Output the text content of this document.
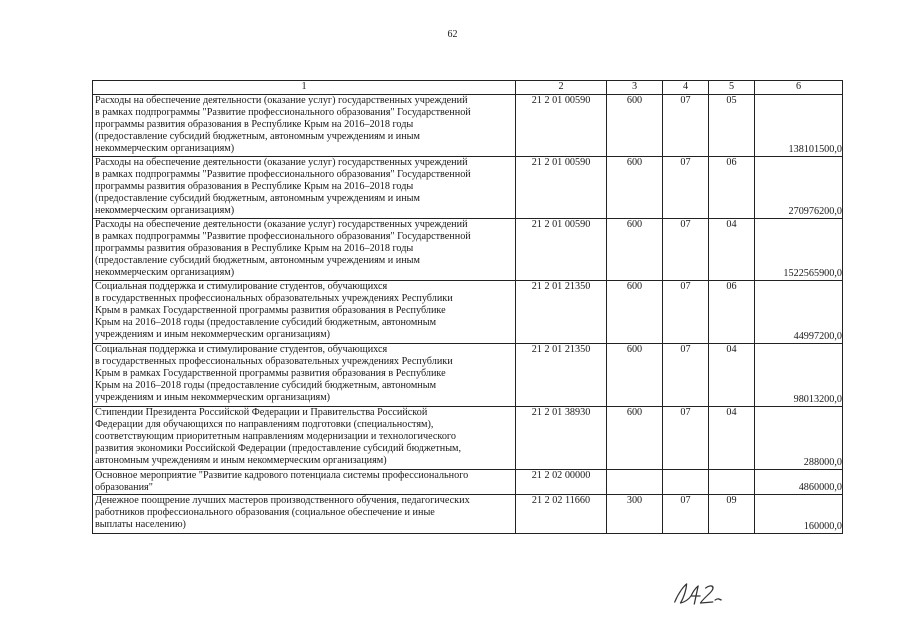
62
1	2	3	4	5	6
Расходы на обеспечение деятельности (оказание услуг) государственных учреждений
в рамках подпрограммы "Развитие профессионального образования" Государственной
программы развития образования в Республике Крым на 2016–2018 годы
(предоставление субсидий бюджетным, автономным учреждениям и иным
некоммерческим организациям)	21 2 01 00590	600	07	05	138101500,0
Расходы на обеспечение деятельности (оказание услуг) государственных учреждений
в рамках подпрограммы "Развитие профессионального образования" Государственной
программы развития образования в Республике Крым на 2016–2018 годы
(предоставление субсидий бюджетным, автономным учреждениям и иным
некоммерческим организациям)	21 2 01 00590	600	07	06	270976200,0
Расходы на обеспечение деятельности (оказание услуг) государственных учреждений
в рамках подпрограммы "Развитие профессионального образования" Государственной
программы развития образования в Республике Крым на 2016–2018 годы
(предоставление субсидий бюджетным, автономным учреждениям и иным
некоммерческим организациям)	21 2 01 00590	600	07	04	1522565900,0
Социальная поддержка и стимулирование студентов, обучающихся
в государственных профессиональных образовательных учреждениях Республики
Крым в рамках Государственной программы развития образования в Республике
Крым на 2016–2018 годы (предоставление субсидий бюджетным, автономным
учреждениям и иным некоммерческим организациям)	21 2 01 21350	600	07	06	44997200,0
Социальная поддержка и стимулирование студентов, обучающихся
в государственных профессиональных образовательных учреждениях Республики
Крым в рамках Государственной программы развития образования в Республике
Крым на 2016–2018 годы (предоставление субсидий бюджетным, автономным
учреждениям и иным некоммерческим организациям)	21 2 01 21350	600	07	04	98013200,0
Стипендии Президента Российской Федерации и Правительства Российской
Федерации для обучающихся по направлениям подготовки (специальностям),
соответствующим приоритетным направлениям модернизации и технологического
развития экономики Российской Федерации (предоставление субсидий бюджетным,
автономным учреждениям и иным некоммерческим организациям)	21 2 01 38930	600	07	04	288000,0
Основное мероприятие "Развитие кадрового потенциала системы профессионального
образования"	21 2 02 00000				4860000,0
Денежное поощрение лучших мастеров производственного обучения, педагогических
работников профессионального образования (социальное обеспечение и иные
выплаты населению)	21 2 02 11660	300	07	09	160000,0
